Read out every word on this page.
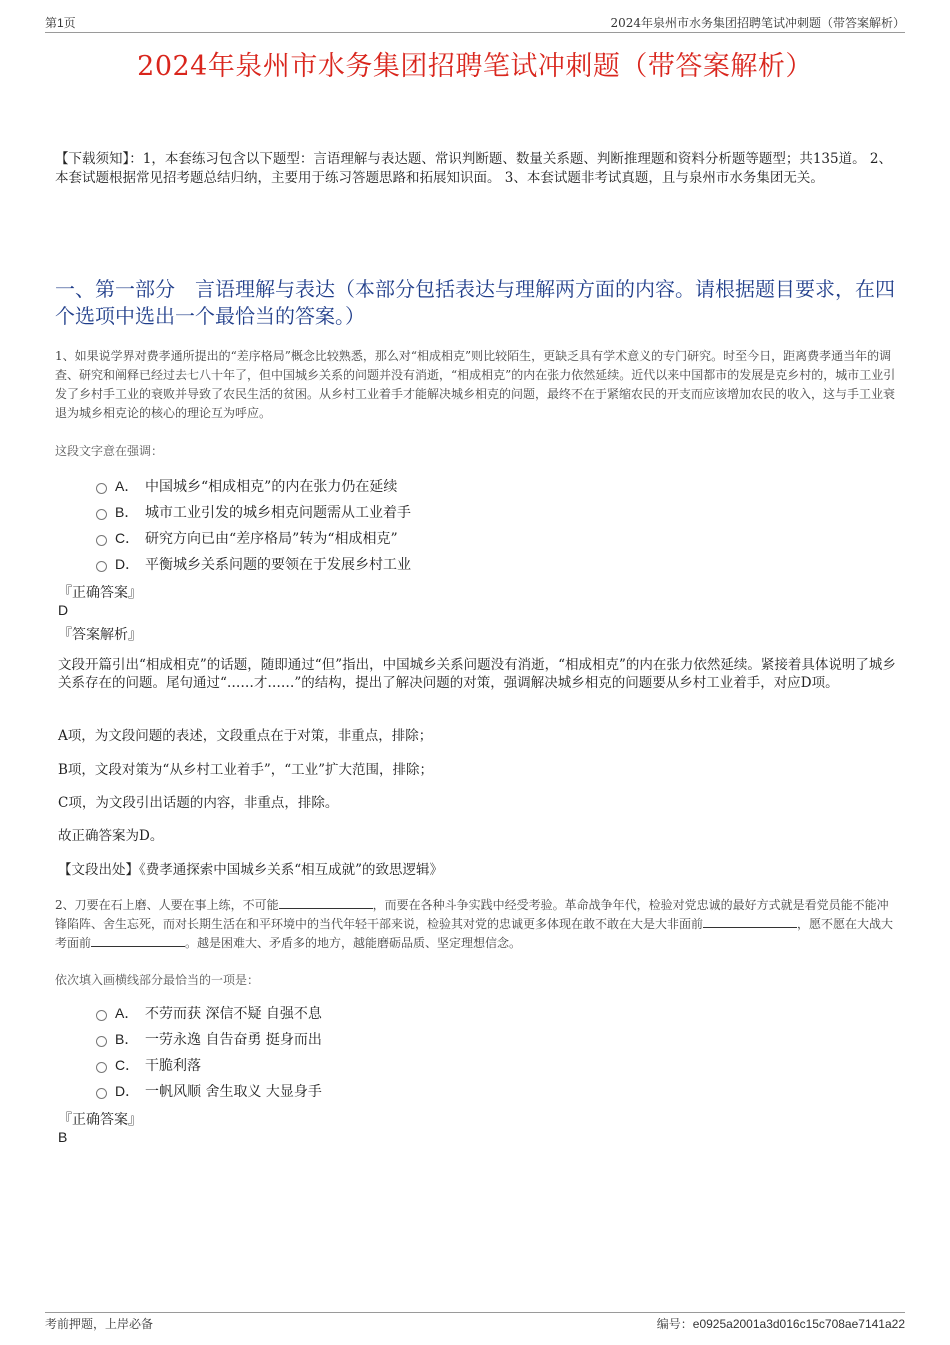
第1页	2024年泉州市水务集团招聘笔试冲刺题（带答案解析）
2024年泉州市水务集团招聘笔试冲刺题（带答案解析）
【下载须知】：1，本套练习包含以下题型：言语理解与表达题、常识判断题、数量关系题、判断推理题和资料分析题等题型；共135道。 2、本套试题根据常见招考题总结归纳，主要用于练习答题思路和拓展知识面。 3、本套试题非考试真题，且与泉州市水务集团无关。
一、第一部分　言语理解与表达（本部分包括表达与理解两方面的内容。请根据题目要求，在四个选项中选出一个最恰当的答案。）
1、如果说学界对费孝通所提出的“差序格局”概念比较熟悉，那么对“相成相克”则比较陌生，更缺乏具有学术意义的专门研究。时至今日，距离费孝通当年的调查、研究和阐释已经过去七八十年了，但中国城乡关系的问题并没有消逝，“相成相克”的内在张力依然延续。近代以来中国都市的发展是克乡村的，城市工业引发了乡村手工业的衰败并导致了农民生活的贫困。从乡村工业着手才能解决城乡相克的问题，最终不在于紧缩农民的开支而应该增加农民的收入，这与手工业衰退为城乡相克论的核心的理论互为呼应。
这段文字意在强调：
A． 中国城乡“相成相克”的内在张力仍在延续
B． 城市工业引发的城乡相克问题需从工业着手
C． 研究方向已由“差序格局”转为“相成相克”
D． 平衡城乡关系问题的要领在于发展乡村工业
『正确答案』
D
『答案解析』
文段开篇引出“相成相克”的话题，随即通过“但”指出，中国城乡关系问题没有消逝，“相成相克”的内在张力依然延续。紧接着具体说明了城乡关系存在的问题。尾句通过“……才……”的结构，提出了解决问题的对策，强调解决城乡相克的问题要从乡村工业着手，对应D项。
A项，为文段问题的表述，文段重点在于对策，非重点，排除；
B项，文段对策为“从乡村工业着手”，“工业”扩大范围，排除；
C项，为文段引出话题的内容，非重点，排除。
故正确答案为D。
【文段出处】《费孝通探索中国城乡关系“相互成就”的致思逻辑》
2、刀要在石上磨、人要在事上练，不可能	，而要在各种斗争实践中经受考验。革命战争年代，检验对党忠诚的最好方式就是看党员能不能冲锋陷阵、舍生忘死，而对长期生活在和平环境中的当代年轻干部来说，检验其对党的忠诚更多体现在敢不敢在大是大非面前	，愿不愿在大战大考面前	。越是困难大、矛盾多的地方，越能磨砺品质、坚定理想信念。
依次填入画横线部分最恰当的一项是：
A． 不劳而获 深信不疑 自强不息
B． 一劳永逸 自告奋勇 挺身而出
C． 干脆利落
D． 一帆风顺 舍生取义 大显身手
『正确答案』
B
考前押题，上岸必备	编号：e0925a2001a3d016c15c708ae7141a22
